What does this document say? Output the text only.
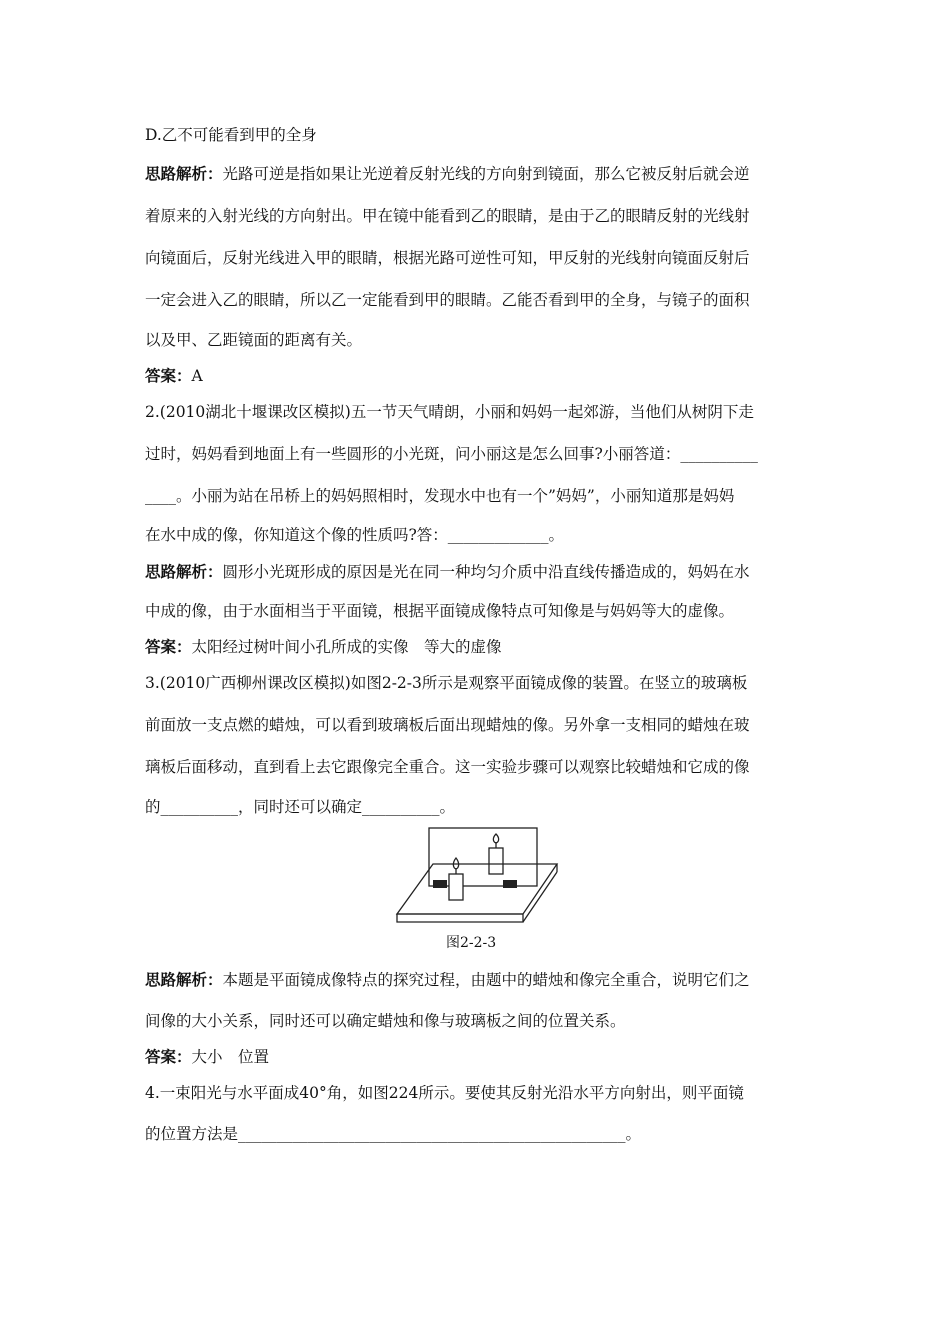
D.乙不可能看到甲的全身
思路解析：光路可逆是指如果让光逆着反射光线的方向射到镜面，那么它被反射后就会逆
着原来的入射光线的方向射出。甲在镜中能看到乙的眼睛，是由于乙的眼睛反射的光线射
向镜面后，反射光线进入甲的眼睛，根据光路可逆性可知，甲反射的光线射向镜面反射后
一定会进入乙的眼睛，所以乙一定能看到甲的眼睛。乙能否看到甲的全身，与镜子的面积
以及甲、乙距镜面的距离有关。
答案：A
2.(2010湖北十堰课改区模拟)五一节天气晴朗，小丽和妈妈一起郊游，当他们从树阴下走
过时，妈妈看到地面上有一些圆形的小光斑，问小丽这是怎么回事?小丽答道：__________
____。小丽为站在吊桥上的妈妈照相时，发现水中也有一个”妈妈”，小丽知道那是妈妈
在水中成的像，你知道这个像的性质吗?答：_____________。
思路解析：圆形小光斑形成的原因是光在同一种均匀介质中沿直线传播造成的，妈妈在水
中成的像，由于水面相当于平面镜，根据平面镜成像特点可知像是与妈妈等大的虚像。
答案：太阳经过树叶间小孔所成的实像　等大的虚像
3.(2010广西柳州课改区模拟)如图2-2-3所示是观察平面镜成像的装置。在竖立的玻璃板
前面放一支点燃的蜡烛，可以看到玻璃板后面出现蜡烛的像。另外拿一支相同的蜡烛在玻
璃板后面移动，直到看上去它跟像完全重合。这一实验步骤可以观察比较蜡烛和它成的像
的__________，同时还可以确定__________。
图2-2-3
思路解析：本题是平面镜成像特点的探究过程，由题中的蜡烛和像完全重合，说明它们之
间像的大小关系，同时还可以确定蜡烛和像与玻璃板之间的位置关系。
答案：大小　位置
4.一束阳光与水平面成40°角，如图224所示。要使其反射光沿水平方向射出，则平面镜
的位置方法是__________________________________________________。
